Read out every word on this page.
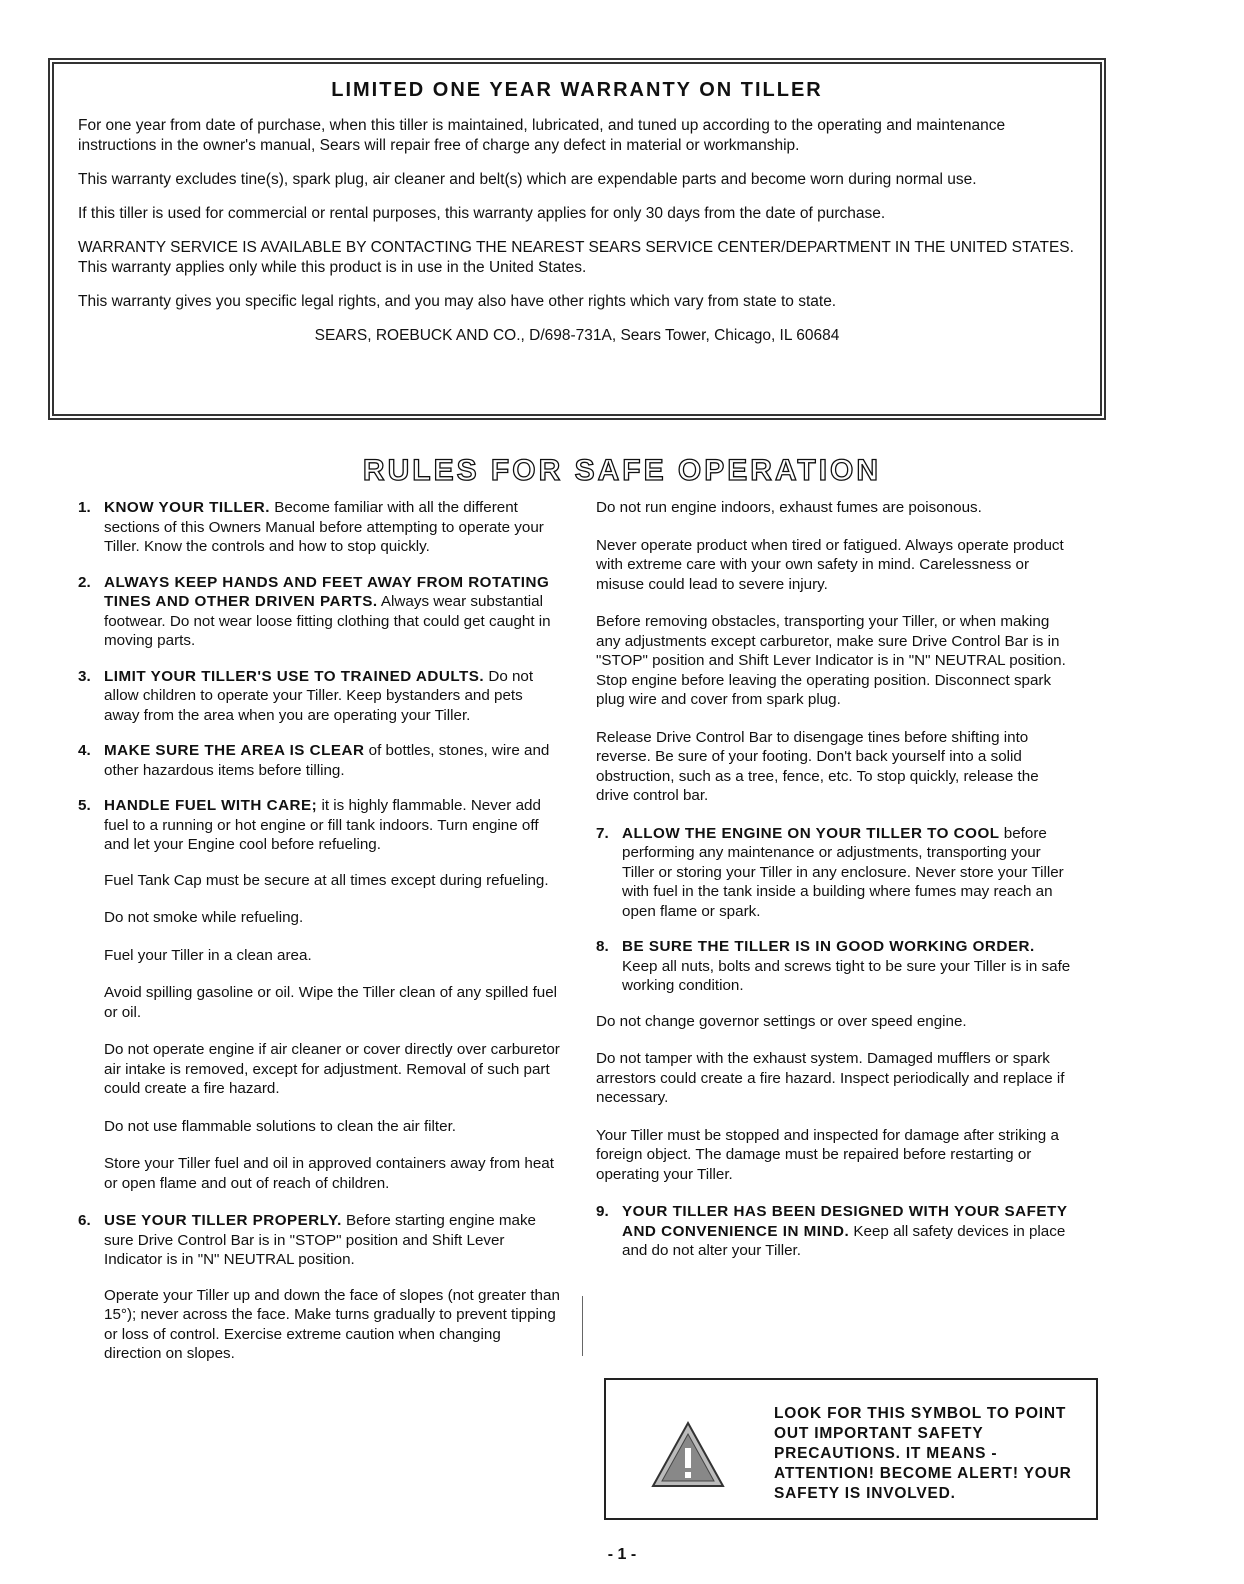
LIMITED ONE YEAR WARRANTY ON TILLER

For one year from date of purchase, when this tiller is maintained, lubricated, and tuned up according to the operating and maintenance instructions in the owner's manual, Sears will repair free of charge any defect in material or workmanship.

This warranty excludes tine(s), spark plug, air cleaner and belt(s) which are expendable parts and become worn during normal use.

If this tiller is used for commercial or rental purposes, this warranty applies for only 30 days from the date of purchase.

WARRANTY SERVICE IS AVAILABLE BY CONTACTING THE NEAREST SEARS SERVICE CENTER/DEPARTMENT IN THE UNITED STATES. This warranty applies only while this product is in use in the United States.

This warranty gives you specific legal rights, and you may also have other rights which vary from state to state.

SEARS, ROEBUCK AND CO., D/698-731A, Sears Tower, Chicago, IL 60684

RULES FOR SAFE OPERATION
1. KNOW YOUR TILLER. Become familiar with all the different sections of this Owners Manual before attempting to operate your Tiller. Know the controls and how to stop quickly.
2. ALWAYS KEEP HANDS AND FEET AWAY FROM ROTATING TINES AND OTHER DRIVEN PARTS. Always wear substantial footwear. Do not wear loose fitting clothing that could get caught in moving parts.
3. LIMIT YOUR TILLER'S USE TO TRAINED ADULTS. Do not allow children to operate your Tiller. Keep bystanders and pets away from the area when you are operating your Tiller.
4. MAKE SURE THE AREA IS CLEAR of bottles, stones, wire and other hazardous items before tilling.
5. HANDLE FUEL WITH CARE; it is highly flammable. Never add fuel to a running or hot engine or fill tank indoors. Turn engine off and let your Engine cool before refueling.
Fuel Tank Cap must be secure at all times except during refueling.
Do not smoke while refueling.
Fuel your Tiller in a clean area.
Avoid spilling gasoline or oil. Wipe the Tiller clean of any spilled fuel or oil.
Do not operate engine if air cleaner or cover directly over carburetor air intake is removed, except for adjustment. Removal of such part could create a fire hazard.
Do not use flammable solutions to clean the air filter.
Store your Tiller fuel and oil in approved containers away from heat or open flame and out of reach of children.
6. USE YOUR TILLER PROPERLY. Before starting engine make sure Drive Control Bar is in "STOP" position and Shift Lever Indicator is in "N" NEUTRAL position.
Operate your Tiller up and down the face of slopes (not greater than 15°); never across the face. Make turns gradually to prevent tipping or loss of control. Exercise extreme caution when changing direction on slopes.
Do not run engine indoors, exhaust fumes are poisonous.
Never operate product when tired or fatigued. Always operate product with extreme care with your own safety in mind. Carelessness or misuse could lead to severe injury.
Before removing obstacles, transporting your Tiller, or when making any adjustments except carburetor, make sure Drive Control Bar is in "STOP" position and Shift Lever Indicator is in "N" NEUTRAL position. Stop engine before leaving the operating position. Disconnect spark plug wire and cover from spark plug.
Release Drive Control Bar to disengage tines before shifting into reverse. Be sure of your footing. Don't back yourself into a solid obstruction, such as a tree, fence, etc. To stop quickly, release the drive control bar.
7. ALLOW THE ENGINE ON YOUR TILLER TO COOL before performing any maintenance or adjustments, transporting your Tiller or storing your Tiller in any enclosure. Never store your Tiller with fuel in the tank inside a building where fumes may reach an open flame or spark.
8. BE SURE THE TILLER IS IN GOOD WORKING ORDER. Keep all nuts, bolts and screws tight to be sure your Tiller is in safe working condition.
Do not change governor settings or over speed engine.
Do not tamper with the exhaust system. Damaged mufflers or spark arrestors could create a fire hazard. Inspect periodically and replace if necessary.
Your Tiller must be stopped and inspected for damage after striking a foreign object. The damage must be repaired before restarting or operating your Tiller.
9. YOUR TILLER HAS BEEN DESIGNED WITH YOUR SAFETY AND CONVENIENCE IN MIND. Keep all safety devices in place and do not alter your Tiller.
LOOK FOR THIS SYMBOL TO POINT OUT IMPORTANT SAFETY PRECAUTIONS. IT MEANS - ATTENTION! BECOME ALERT! YOUR SAFETY IS INVOLVED.
- 1 -
